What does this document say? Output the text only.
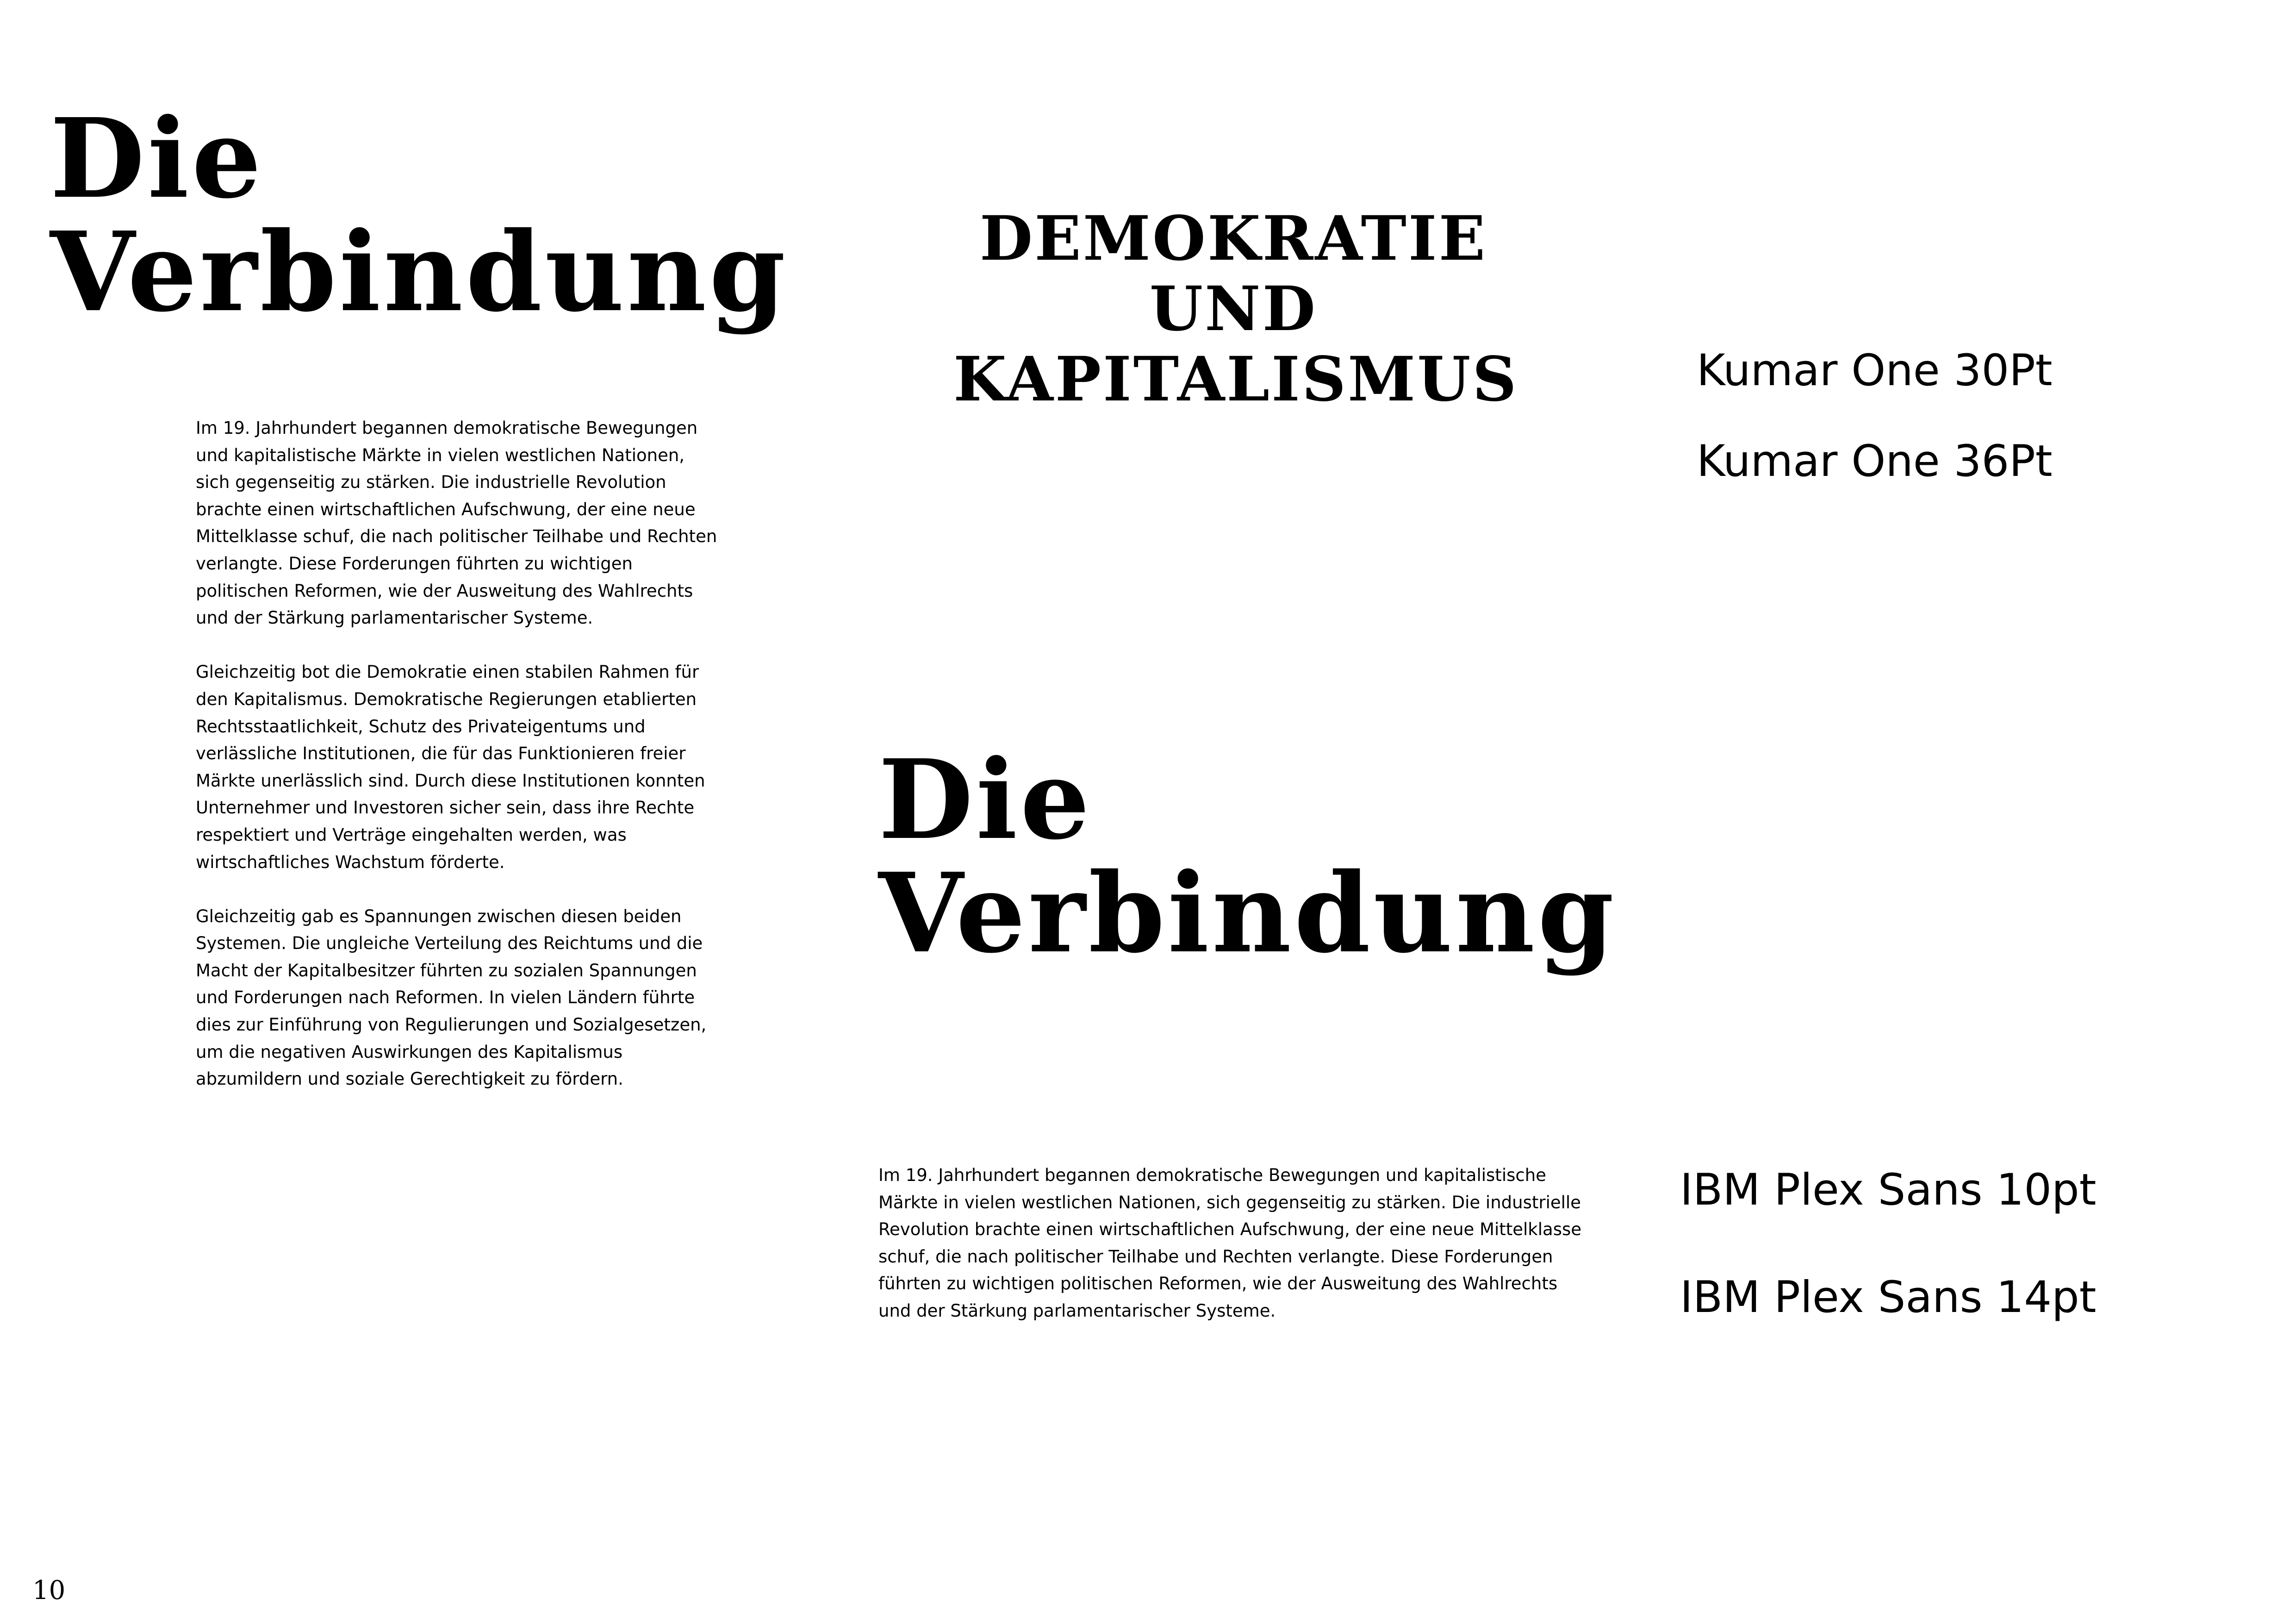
Die
Verbindung	DEMOKRATIE
UND
KAPITALISMUS	Kumar One 30Pt

Kumar One 36Pt

Im 19. Jahrhundert begannen demokratische Bewegungen und kapitalistische Märkte in vielen westlichen Nationen, sich gegenseitig zu stärken. Die industrielle Revolution brachte einen wirtschaftlichen Aufschwung, der eine neue Mittelklasse schuf, die nach politischer Teilhabe und Rechten verlangte. Diese Forderungen führten zu wichtigen politischen Reformen, wie der Ausweitung des Wahlrechts und der Stärkung parlamentarischer Systeme.

Gleichzeitig bot die Demokratie einen stabilen Rahmen für den Kapitalismus. Demokratische Regierungen etablierten Rechtsstaatlichkeit, Schutz des Privateigentums und verlässliche Institutionen, die für das Funktionieren freier Märkte unerlässlich sind. Durch diese Institutionen konnten Unternehmer und Investoren sicher sein, dass ihre Rechte respektiert und Verträge eingehalten werden, was wirtschaftliches Wachstum förderte.

Gleichzeitig gab es Spannungen zwischen diesen beiden Systemen. Die ungleiche Verteilung des Reichtums und die Macht der Kapitalbesitzer führten zu sozialen Spannungen und Forderungen nach Reformen. In vielen Ländern führte dies zur Einführung von Regulierungen und Sozialgesetzen, um die negativen Auswirkungen des Kapitalismus abzumildern und soziale Gerechtigkeit zu fördern.

Die
Verbindung

Im 19. Jahrhundert begannen demokratische Bewegungen und kapitalistische Märkte in vielen westlichen Nationen, sich gegenseitig zu stärken. Die industrielle Revolution brachte einen wirtschaftlichen Aufschwung, der eine neue Mittelklasse schuf, die nach politischer Teilhabe und Rechten verlangte. Diese Forderungen führten zu wichtigen politischen Reformen, wie der Ausweitung des Wahlrechts und der Stärkung parlamentarischer Systeme.

IBM Plex Sans 10pt

IBM Plex Sans 14pt

10
